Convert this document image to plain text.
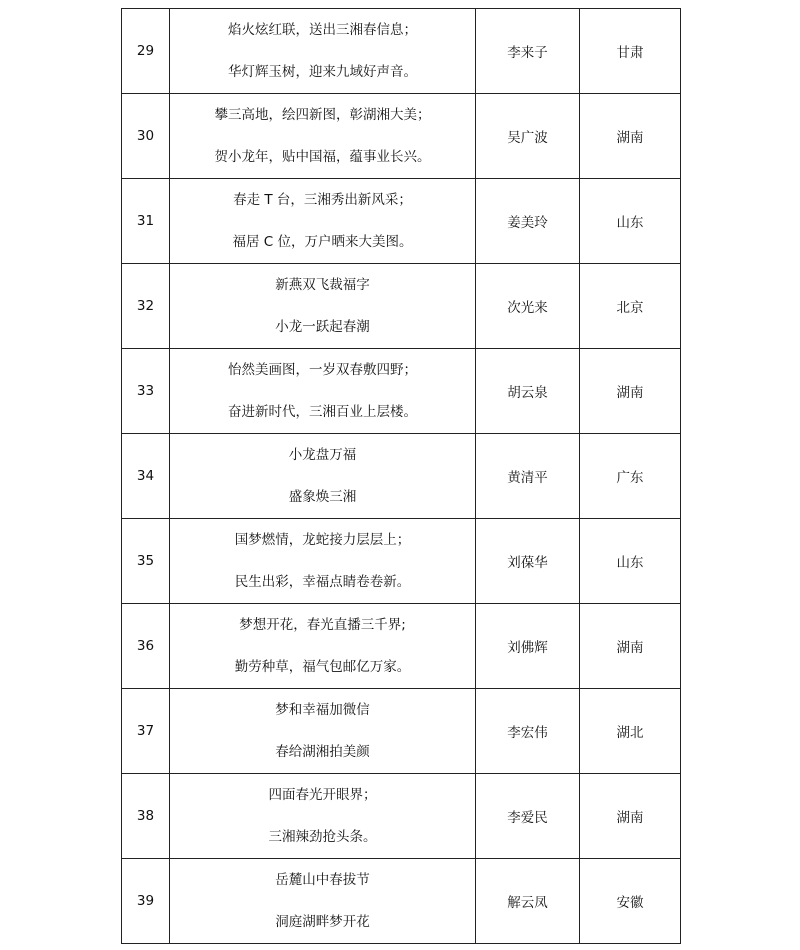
29	焰火炫红联，送出三湘春信息；
华灯辉玉树，迎来九域好声音。	李来子	甘肃
30	攀三高地，绘四新图，彰湖湘大美；
贺小龙年，贴中国福，蕴事业长兴。	吴广波	湖南
31	春走 T 台，三湘秀出新风采；
福居 C 位，万户晒来大美图。	姜美玲	山东
32	新燕双飞裁福字
小龙一跃起春潮	次光来	北京
33	怡然美画图，一岁双春敷四野；
奋进新时代，三湘百业上层楼。	胡云泉	湖南
34	小龙盘万福
盛象焕三湘	黄清平	广东
35	国梦燃情，龙蛇接力层层上；
民生出彩，幸福点睛卷卷新。	刘葆华	山东
36	梦想开花，春光直播三千界;
勤劳种草，福气包邮亿万家。	刘佛辉	湖南
37	梦和幸福加微信
春给湖湘拍美颜	李宏伟	湖北
38	四面春光开眼界；
三湘辣劲抢头条。	李爱民	湖南
39	岳麓山中春拔节
洞庭湖畔梦开花	解云凤	安徽
